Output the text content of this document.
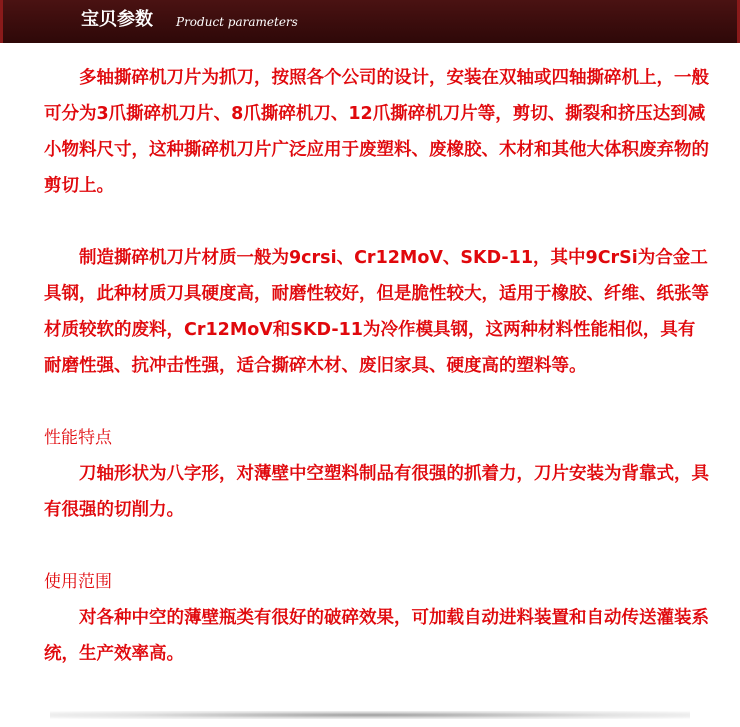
宝贝参数 Product parameters

多轴撕碎机刀片为抓刀，按照各个公司的设计，安装在双轴或四轴撕碎机上，一般可分为3爪撕碎机刀片、8爪撕碎机刀、12爪撕碎机刀片等，剪切、撕裂和挤压达到减小物料尺寸，这种撕碎机刀片广泛应用于废塑料、废橡胶、木材和其他大体积废弃物的剪切上。

制造撕碎机刀片材质一般为9crsi、Cr12MoV、SKD-11，其中9CrSi为合金工具钢，此种材质刀具硬度高，耐磨性较好，但是脆性较大，适用于橡胶、纤维、纸张等材质较软的废料，Cr12MoV和SKD-11为冷作模具钢，这两种材料性能相似，具有耐磨性强、抗冲击性强，适合撕碎木材、废旧家具、硬度高的塑料等。

性能特点

刀轴形状为八字形，对薄壁中空塑料制品有很强的抓着力，刀片安装为背靠式，具有很强的切削力。

使用范围

对各种中空的薄壁瓶类有很好的破碎效果，可加载自动进料装置和自动传送灌装系统，生产效率高。
